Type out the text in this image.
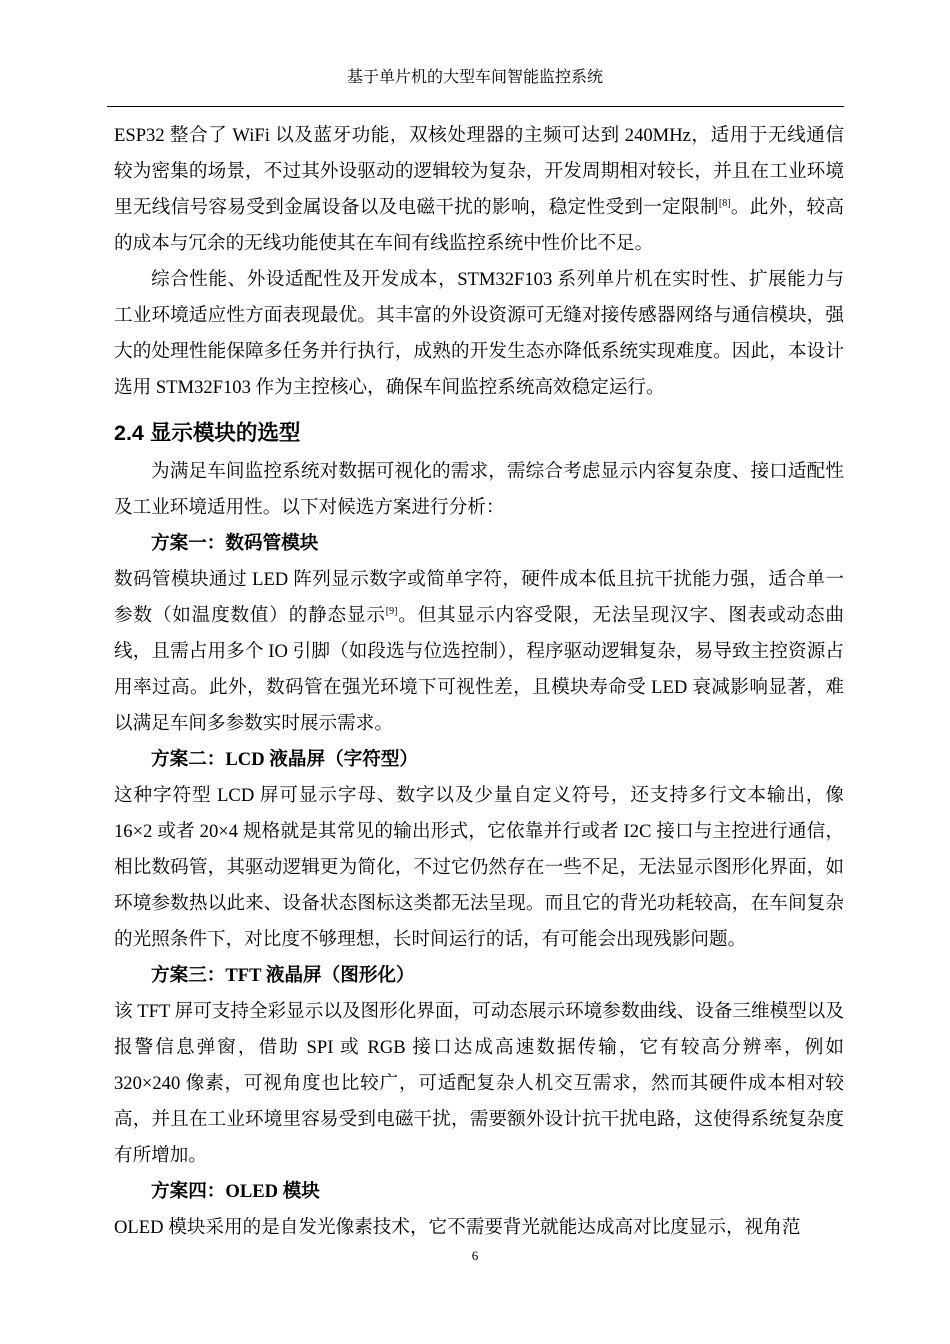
基于单片机的大型车间智能监控系统

ESP32 整合了 WiFi 以及蓝牙功能，双核处理器的主频可达到 240MHz，适用于无线通信较为密集的场景，不过其外设驱动的逻辑较为复杂，开发周期相对较长，并且在工业环境里无线信号容易受到金属设备以及电磁干扰的影响，稳定性受到一定限制[8]。此外，较高的成本与冗余的无线功能使其在车间有线监控系统中性价比不足。

综合性能、外设适配性及开发成本，STM32F103 系列单片机在实时性、扩展能力与工业环境适应性方面表现最优。其丰富的外设资源可无缝对接传感器网络与通信模块，强大的处理性能保障多任务并行执行，成熟的开发生态亦降低系统实现难度。因此，本设计选用 STM32F103 作为主控核心，确保车间监控系统高效稳定运行。

2.4 显示模块的选型

为满足车间监控系统对数据可视化的需求，需综合考虑显示内容复杂度、接口适配性及工业环境适用性。以下对候选方案进行分析：

方案一：数码管模块

数码管模块通过 LED 阵列显示数字或简单字符，硬件成本低且抗干扰能力强，适合单一参数（如温度数值）的静态显示[9]。但其显示内容受限，无法呈现汉字、图表或动态曲线，且需占用多个 IO 引脚（如段选与位选控制），程序驱动逻辑复杂，易导致主控资源占用率过高。此外，数码管在强光环境下可视性差，且模块寿命受 LED 衰减影响显著，难以满足车间多参数实时展示需求。

方案二：LCD 液晶屏（字符型）

这种字符型 LCD 屏可显示字母、数字以及少量自定义符号，还支持多行文本输出，像 16×2 或者 20×4 规格就是其常见的输出形式，它依靠并行或者 I2C 接口与主控进行通信，相比数码管，其驱动逻辑更为简化，不过它仍然存在一些不足，无法显示图形化界面，如环境参数热以此来、设备状态图标这类都无法呈现。而且它的背光功耗较高，在车间复杂的光照条件下，对比度不够理想，长时间运行的话，有可能会出现残影问题。

方案三：TFT 液晶屏（图形化）

该 TFT 屏可支持全彩显示以及图形化界面，可动态展示环境参数曲线、设备三维模型以及报警信息弹窗，借助 SPI 或 RGB 接口达成高速数据传输，它有较高分辨率，例如 320×240 像素，可视角度也比较广，可适配复杂人机交互需求，然而其硬件成本相对较高，并且在工业环境里容易受到电磁干扰，需要额外设计抗干扰电路，这使得系统复杂度有所增加。

方案四：OLED 模块

OLED 模块采用的是自发光像素技术，它不需要背光就能达成高对比度显示，视角范

6
